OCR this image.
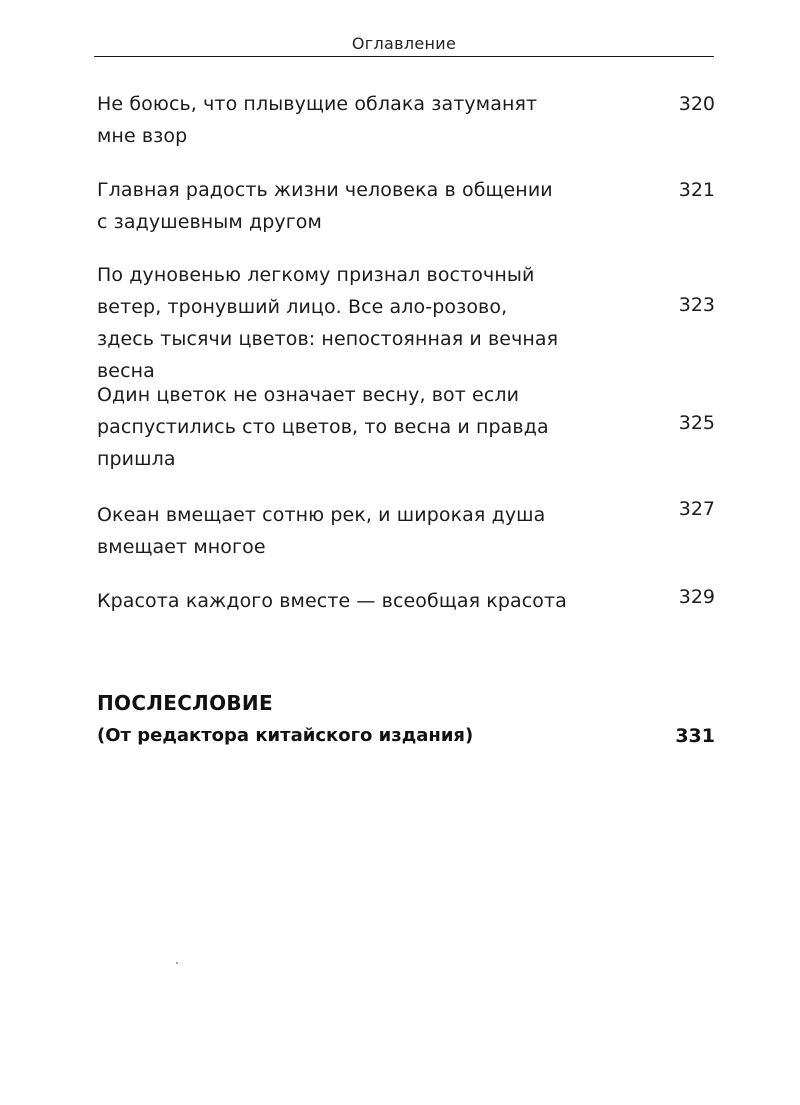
Оглавление
Не боюсь, что плывущие облака затуманят мне взор
320
Главная радость жизни человека в общении с задушевным другом
321
По дуновенью легкому признал восточный ветер, тронувший лицо. Все ало-розово, здесь тысячи цветов: непостоянная и вечная весна
323
Один цветок не означает весну, вот если распустились сто цветов, то весна и правда пришла
325
Океан вмещает сотню рек, и широкая душа вмещает многое
327
Красота каждого вместе — всеобщая красота	329
ПОСЛЕСЛОВИЕ
(От редактора китайского издания)	331
